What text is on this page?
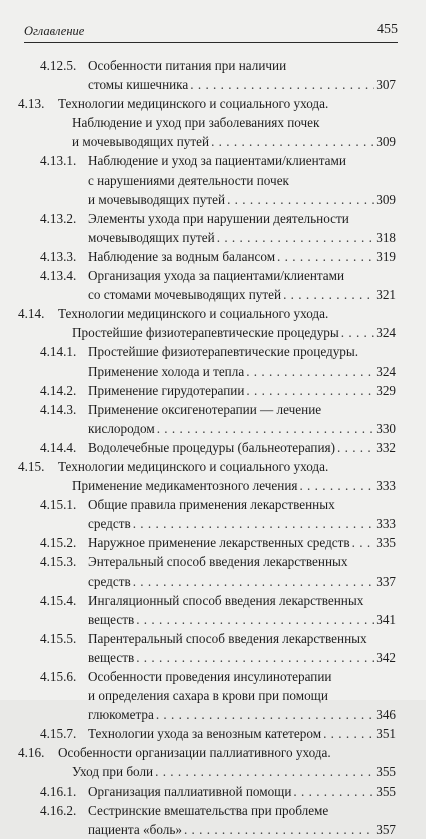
Оглавление	455
4.12.5. Особенности питания при наличии
стомы кишечника . . .	307
4.13. Технологии медицинского и социального ухода.
Наблюдение и уход при заболеваниях почек
и мочевыводящих путей . . .	309
4.13.1. Наблюдение и уход за пациентами/клиентами
с нарушениями деятельности почек
и мочевыводящих путей . . .	309
4.13.2. Элементы ухода при нарушении деятельности
мочевыводящих путей . . .	318
4.13.3. Наблюдение за водным балансом . . .	319
4.13.4. Организация ухода за пациентами/клиентами
со стомами мочевыводящих путей . . .	321
4.14. Технологии медицинского и социального ухода.
Простейшие физиотерапевтические процедуры . . .	324
4.14.1. Простейшие физиотерапевтические процедуры.
Применение холода и тепла . . .	324
4.14.2. Применение гирудотерапии . . .	329
4.14.3. Применение оксигенотерапии — лечение
кислородом . . .	330
4.14.4. Водолечебные процедуры (бальнеотерапия) . . .	332
4.15. Технологии медицинского и социального ухода.
Применение медикаментозного лечения . . .	333
4.15.1. Общие правила применения лекарственных
средств . . .	333
4.15.2. Наружное применение лекарственных средств . . . 335
4.15.3. Энтеральный способ введения лекарственных
средств . . .	337
4.15.4. Ингаляционный способ введения лекарственных
веществ . . .	341
4.15.5. Парентеральный способ введения лекарственных
веществ . . .	342
4.15.6. Особенности проведения инсулинотерапии
и определения сахара в крови при помощи
глюкометра . . .	346
4.15.7. Технологии ухода за венозным катетером . . .	351
4.16. Особенности организации паллиативного ухода.
Уход при боли . . .	355
4.16.1. Организация паллиативной помощи . . .	355
4.16.2. Сестринские вмешательства при проблеме
пациента «боль» . . .	357
